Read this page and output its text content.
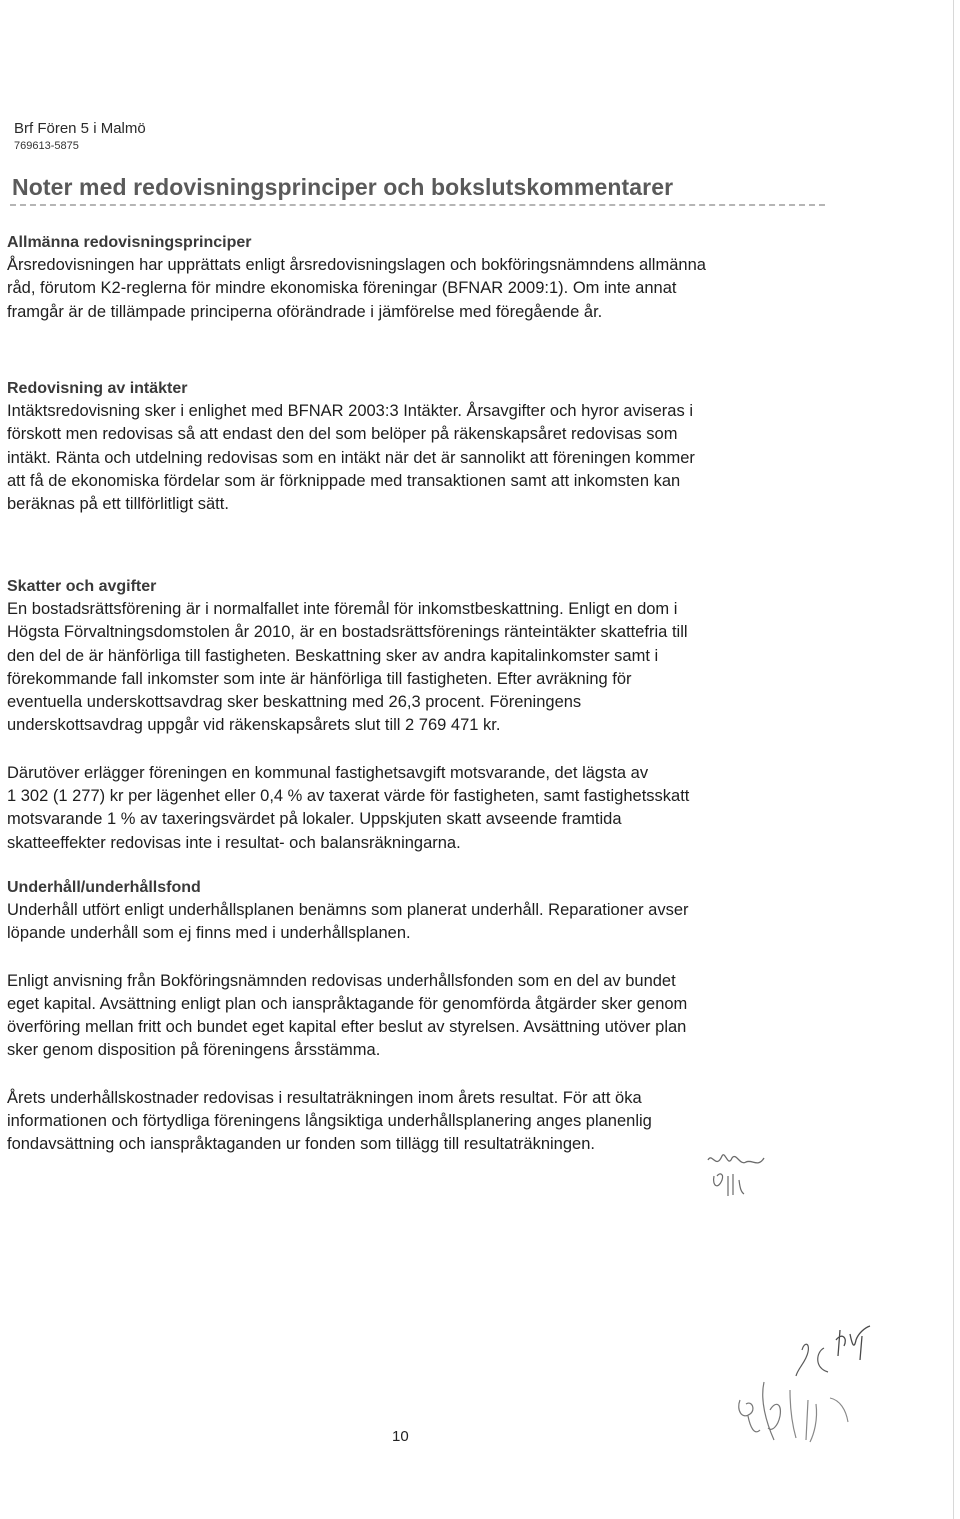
Brf Fören 5 i Malmö
769613-5875
Noter med redovisningsprinciper och bokslutskommentarer
Allmänna redovisningsprinciper

Årsredovisningen har upprättats enligt årsredovisningslagen och bokföringsnämndens allmänna
råd, förutom K2-reglerna för mindre ekonomiska föreningar (BFNAR 2009:1). Om inte annat
framgår är de tillämpade principerna oförändrade i jämförelse med föregående år.

Redovisning av intäkter

Intäktsredovisning sker i enlighet med BFNAR 2003:3 Intäkter. Årsavgifter och hyror aviseras i
förskott men redovisas så att endast den del som belöper på räkenskapsåret redovisas som
intäkt. Ränta och utdelning redovisas som en intäkt när det är sannolikt att föreningen kommer
att få de ekonomiska fördelar som är förknippade med transaktionen samt att inkomsten kan
beräknas på ett tillförlitligt sätt.

Skatter och avgifter

En bostadsrättsförening är i normalfallet inte föremål för inkomstbeskattning. Enligt en dom i
Högsta Förvaltningsdomstolen år 2010, är en bostadsrättsförenings ränteintäkter skattefria till
den del de är hänförliga till fastigheten. Beskattning sker av andra kapitalinkomster samt i
förekommande fall inkomster som inte är hänförliga till fastigheten. Efter avräkning för
eventuella underskottsavdrag sker beskattning med 26,3 procent. Föreningens
underskottsavdrag uppgår vid räkenskapsårets slut till 2 769 471 kr.

Därutöver erlägger föreningen en kommunal fastighetsavgift motsvarande, det lägsta av
1 302 (1 277) kr per lägenhet eller 0,4 % av taxerat värde för fastigheten, samt fastighetsskatt
motsvarande 1 % av taxeringsvärdet på lokaler. Uppskjuten skatt avseende framtida
skatteeffekter redovisas inte i resultat- och balansräkningarna.

Underhåll/underhållsfond

Underhåll utfört enligt underhållsplanen benämns som planerat underhåll. Reparationer avser
löpande underhåll som ej finns med i underhållsplanen.

Enligt anvisning från Bokföringsnämnden redovisas underhållsfonden som en del av bundet
eget kapital. Avsättning enligt plan och ianspråktagande för genomförda åtgärder sker genom
överföring mellan fritt och bundet eget kapital efter beslut av styrelsen. Avsättning utöver plan
sker genom disposition på föreningens årsstämma.

Årets underhållskostnader redovisas i resultaträkningen inom årets resultat. För att öka
informationen och förtydliga föreningens långsiktiga underhållsplanering anges planenlig
fondavsättning och ianspråktaganden ur fonden som tillägg till resultaträkningen.

10
